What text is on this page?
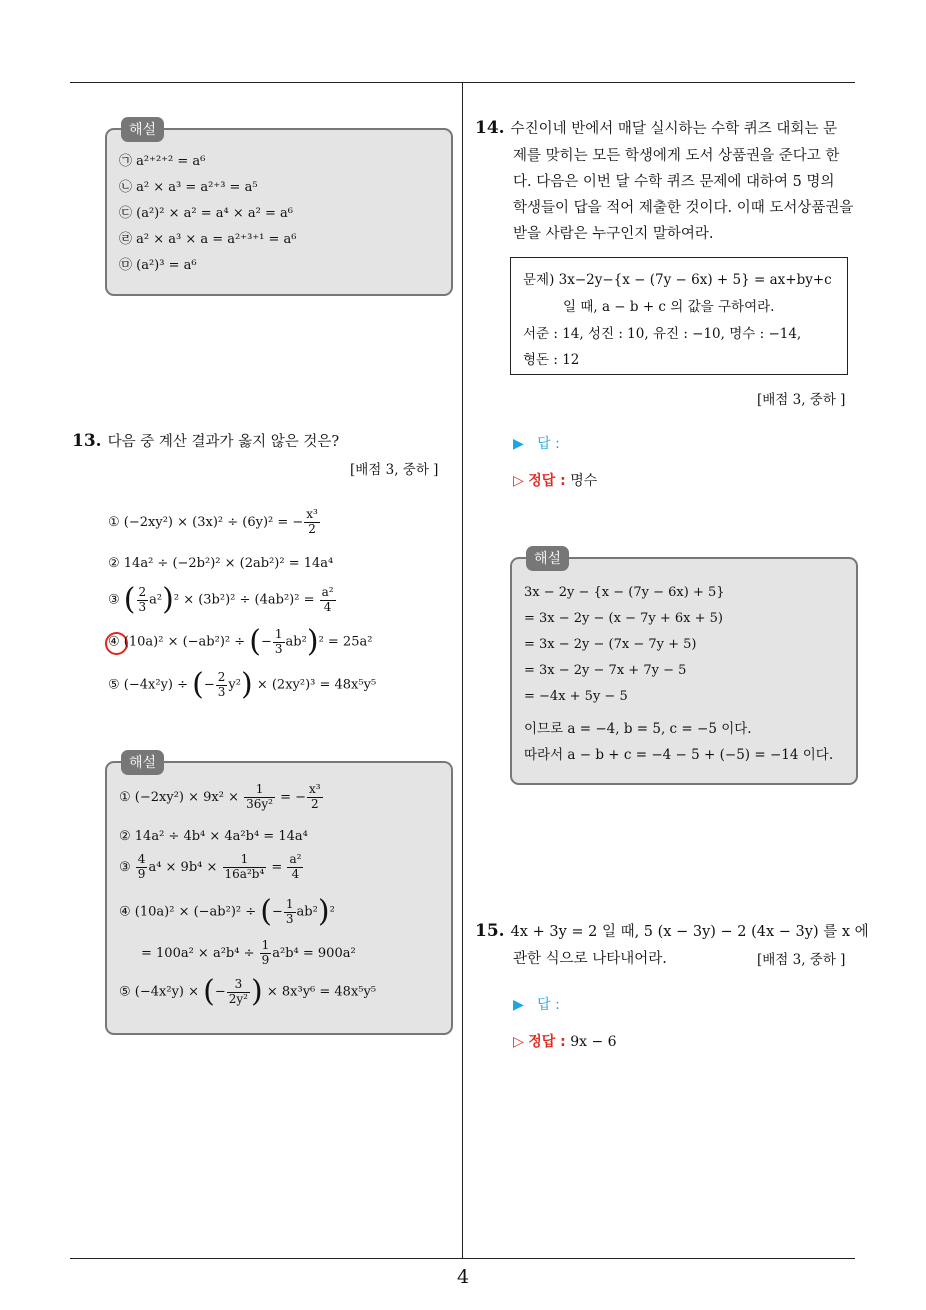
4
해설
㉠ a²⁺²⁺² = a⁶
㉡ a² × a³ = a²⁺³ = a⁵
㉢ (a²)² × a² = a⁴ × a² = a⁶
㉣ a² × a³ × a = a²⁺³⁺¹ = a⁶
㉤ (a²)³ = a⁶
13. 다음 중 계산 결과가 옳지 않은 것은?
[배점 3, 중하 ]
① (−2xy²) × (3x)² ÷ (6y)² = − $\frac{\text{x³}}{2}$
② 14a² ÷ (−2b²)² × (2ab²)² = 14a⁴
③ ( $\frac{2}{3} a^2)^2 \times (3b^2)^2 \div (4ab^2)^2 = \frac{\text{a²}}{4}$
④ (10a)² × (−ab²)² ÷ (− $\frac{1}{3} ab^2)^2 = 25a^2$
⑤ (−4x²y) ÷ (− $\frac{2}{3} y^2) \times (2xy^2)^3 = 48x^5y^5$
해설
① $(-2xy^2) \times 9x^2 \times \frac{1}{\text{36y²}}$ = − $\frac{\text{x³}}{2}$
② 14a² ÷ 4b⁴ × 4a²b⁴ = 14a⁴
③ $\frac{4}{9} a^4 \times 9b^4 \times \frac{1}{\text{16a²b⁴}} = \frac{\text{a²}}{4}$
④ (10a)² × (−ab²)² ÷ (− $\frac{1}{3} ab^2)^2$
= $100a^2 \times a^2b^4 \div \frac{1}{9} a^2b^4 = 900a^2$
⑤ (−4x²y) × (− $\frac{3}{\text{2y²}}$ ) × 8x³y⁶ = 48x⁵y⁵
14. 수진이네 반에서 매달 실시하는 수학 퀴즈 대회는 문
제를 맞히는 모든 학생에게 도서 상품권을 준다고 한
다. 다음은 이번 달 수학 퀴즈 문제에 대하여 5 명의
학생들이 답을 적어 제출한 것이다. 이때 도서상품권을
받을 사람은 누구인지 말하여라.
문제) 3x−2y−{x − (7y − 6x) + 5} = ax+by+c
일 때, a − b + c 의 값을 구하여라.
서준 : 14, 성진 : 10, 유진 : −10, 명수 : −14,
형돈 : 12
[배점 3, 중하 ]
▶ 답 :
▷ 정답 : 명수
해설
3x − 2y − {x − (7y − 6x) + 5}
= 3x − 2y − (x − 7y + 6x + 5)
= 3x − 2y − (7x − 7y + 5)
= 3x − 2y − 7x + 7y − 5
= −4x + 5y − 5
이므로 a = −4, b = 5, c = −5 이다.
따라서 a − b + c = −4 − 5 + (−5) = −14 이다.
15. 4x + 3y = 2 일 때, 5 (x − 3y) − 2 (4x − 3y) 를 x 에
관한 식으로 나타내어라.	[배점 3, 중하 ]
▶ 답 :
▷ 정답 : 9x − 6
